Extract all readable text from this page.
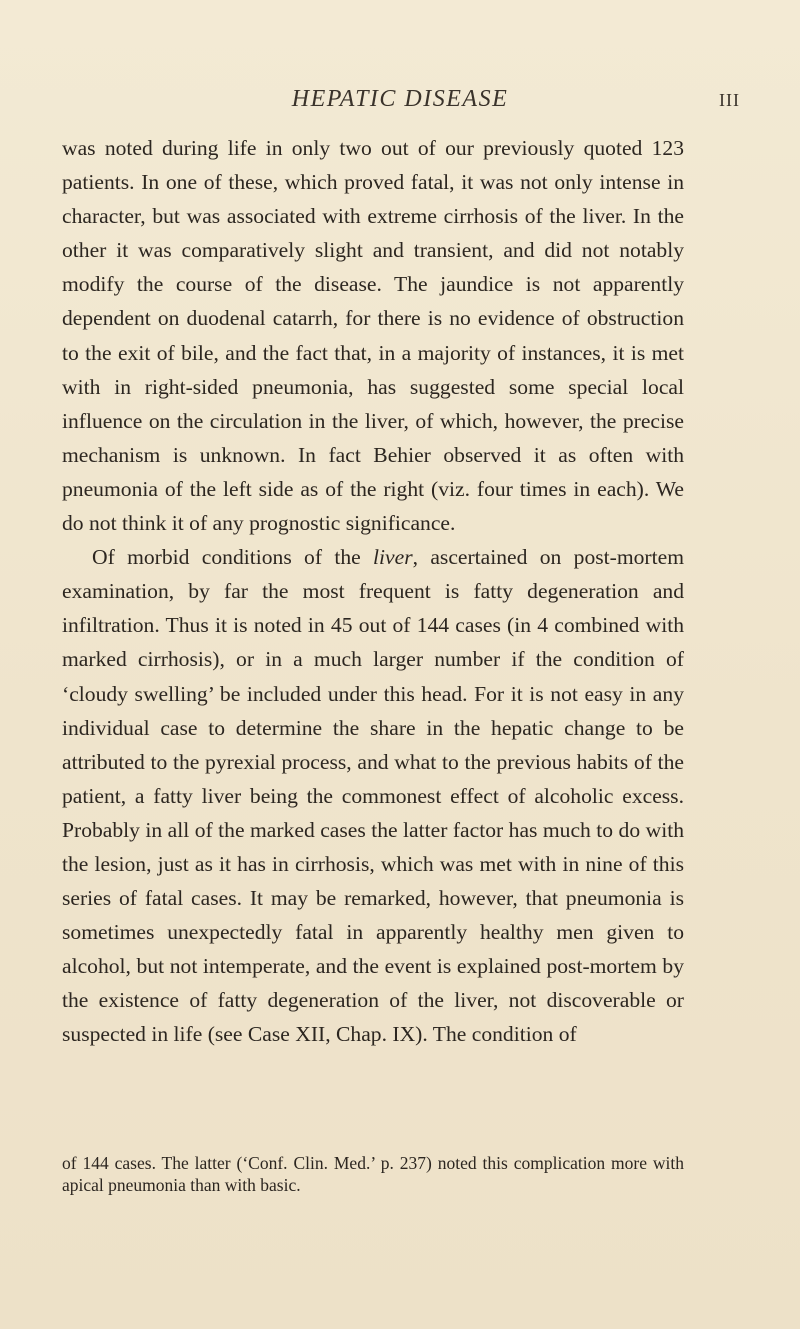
HEPATIC DISEASE	III

was noted during life in only two out of our previously quoted 123 patients. In one of these, which proved fatal, it was not only intense in character, but was associated with extreme cirrhosis of the liver. In the other it was comparatively slight and transient, and did not notably modify the course of the disease. The jaundice is not apparently dependent on duodenal catarrh, for there is no evidence of obstruction to the exit of bile, and the fact that, in a majority of instances, it is met with in right-sided pneumonia, has suggested some special local influence on the circulation in the liver, of which, however, the precise mechanism is unknown. In fact Behier observed it as often with pneumonia of the left side as of the right (viz. four times in each). We do not think it of any prognostic significance.

Of morbid conditions of the liver, ascertained on post-mortem examination, by far the most frequent is fatty degeneration and infiltration. Thus it is noted in 45 out of 144 cases (in 4 combined with marked cirrhosis), or in a much larger number if the condition of ‘cloudy swelling’ be included under this head. For it is not easy in any individual case to determine the share in the hepatic change to be attributed to the pyrexial process, and what to the previous habits of the patient, a fatty liver being the commonest effect of alcoholic excess. Probably in all of the marked cases the latter factor has much to do with the lesion, just as it has in cirrhosis, which was met with in nine of this series of fatal cases. It may be remarked, however, that pneumonia is sometimes unexpectedly fatal in apparently healthy men given to alcohol, but not intemperate, and the event is explained post-mortem by the existence of fatty degeneration of the liver, not discoverable or suspected in life (see Case XII, Chap. IX). The condition of

of 144 cases. The latter (‘Conf. Clin. Med.’ p. 237) noted this complication more with apical pneumonia than with basic.
